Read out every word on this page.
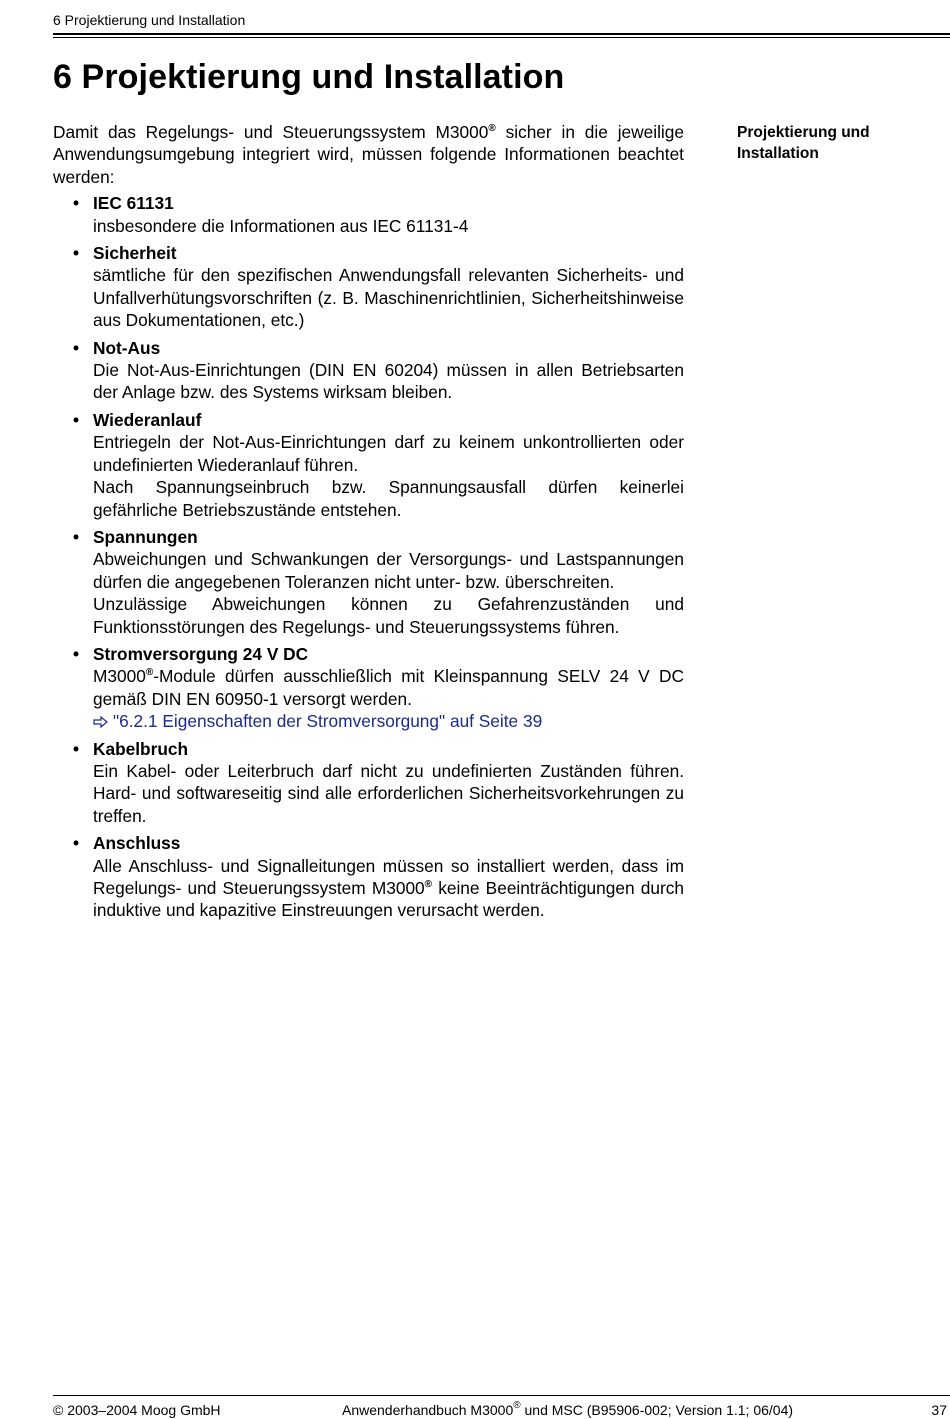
6 Projektierung und Installation
6 Projektierung und Installation
Projektierung und
Installation

Damit das Regelungs- und Steuerungssystem M3000® sicher in die jeweilige Anwendungsumgebung integriert wird, müssen folgende Informationen beachtet werden:

• IEC 61131
insbesondere die Informationen aus IEC 61131-4
• Sicherheit
sämtliche für den spezifischen Anwendungsfall relevanten Sicherheits- und Unfallverhütungsvorschriften (z. B. Maschinenrichtlinien, Sicherheitshinweise aus Dokumentationen, etc.)
• Not-Aus
Die Not-Aus-Einrichtungen (DIN EN 60204) müssen in allen Betriebsarten der Anlage bzw. des Systems wirksam bleiben.
• Wiederanlauf
Entriegeln der Not-Aus-Einrichtungen darf zu keinem unkontrollierten oder undefinierten Wiederanlauf führen.
Nach Spannungseinbruch bzw. Spannungsausfall dürfen keinerlei gefährliche Betriebszustände entstehen.
• Spannungen
Abweichungen und Schwankungen der Versorgungs- und Lastspannungen dürfen die angegebenen Toleranzen nicht unter- bzw. überschreiten.
Unzulässige Abweichungen können zu Gefahrenzuständen und Funktionsstörungen des Regelungs- und Steuerungssystems führen.
• Stromversorgung 24 V DC
M3000®-Module dürfen ausschließlich mit Kleinspannung SELV 24 V DC gemäß DIN EN 60950-1 versorgt werden.
"6.2.1 Eigenschaften der Stromversorgung" auf Seite 39
• Kabelbruch
Ein Kabel- oder Leiterbruch darf nicht zu undefinierten Zuständen führen. Hard- und softwareseitig sind alle erforderlichen Sicherheitsvorkehrungen zu treffen.
• Anschluss
Alle Anschluss- und Signalleitungen müssen so installiert werden, dass im Regelungs- und Steuerungssystem M3000® keine Beeinträchtigungen durch induktive und kapazitive Einstreuungen verursacht werden.
© 2003–2004 Moog GmbH	Anwenderhandbuch M3000® und MSC (B95906-002; Version 1.1; 06/04)	37
